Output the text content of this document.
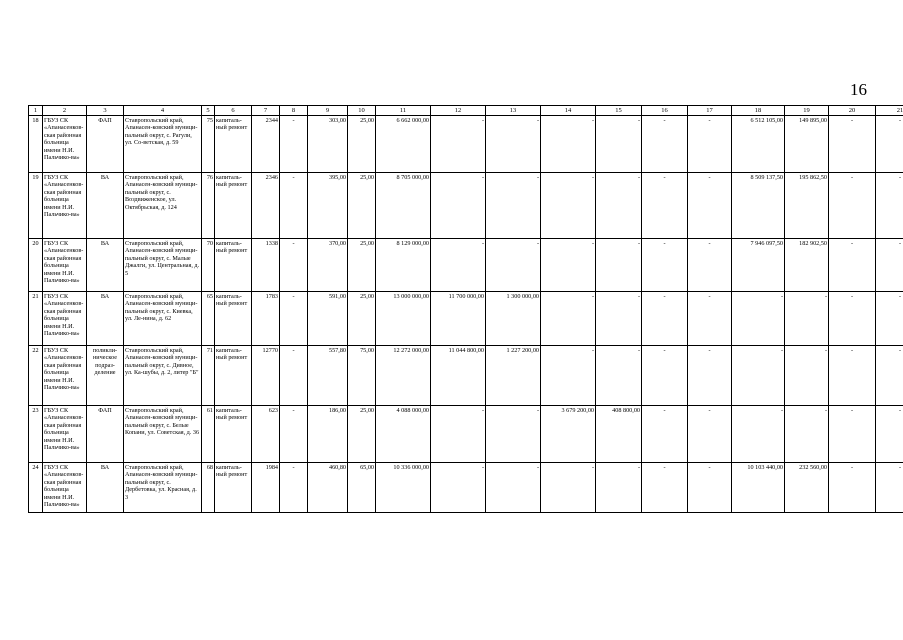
16
1	2	3	4	5	6	7	8	9	10	11	12	13	14	15	16	17	18	19	20	21

18	ГБУЗ СК «Апанасенков-ская районная больница имени Н.И. Пальчико-ва»	ФАП	Ставропольский край, Апанасен-ковский муници-пальный округ, с. Рагули, ул. Со-ветская, д. 59	75	капиталь-ный ремонт	2344	-	303,00	25,00	6 662 000,00	-	-	-	-	-	-	6 512 105,00	149 895,00	-	-

19	ГБУЗ СК «Апанасенков-ская районная больница имени Н.И. Пальчико-ва»	ВА	Ставропольский край, Апанасен-ковский муници-пальный округ, с. Воздвиженское, ул. Октябрьская, д. 124	76	капиталь-ный ремонт	2346	-	395,00	25,00	8 705 000,00	-	-	-	-	-	-	8 509 137,50	195 862,50	-	-

20	ГБУЗ СК «Апанасенков-ская районная больница имени Н.И. Пальчико-ва»	ВА	Ставропольский край, Апанасен-ковский муници-пальный округ, с. Малые Джалги, ул. Центральная, д. 5	70	капиталь-ный ремонт	1338	-	370,00	25,00	8 129 000,00	-	-	-	-	-	-	7 946 097,50	182 902,50	-	-

21	ГБУЗ СК «Апанасенков-ская районная больница имени Н.И. Пальчико-ва»	ВА	Ставропольский край, Апанасен-ковский муници-пальный округ, с. Киевка, ул. Ле-нина, д. 62	65	капиталь-ный ремонт	1783	-	591,00	25,00	13 000 000,00	11 700 000,00	1 300 000,00	-	-	-	-	-	-	-	-

22	ГБУЗ СК «Апанасенков-ская районная больница имени Н.И. Пальчико-ва»	поликли-ническое подраз-деление	Ставропольский край, Апанасен-ковский муници-пальный округ, с. Дивное, ул. Ка-шубы, д. 2, литер "Б"	71	капиталь-ный ремонт	12770	-	557,80	75,00	12 272 000,00	11 044 800,00	1 227 200,00	-	-	-	-	-	-	-	-

23	ГБУЗ СК «Апанасенков-ская районная больница имени Н.И. Пальчико-ва»	ФАП	Ставропольский край, Апанасен-ковский муници-пальный округ, с. Белые Копани, ул. Советская, д. 36	61	капиталь-ный ремонт	623	-	186,00	25,00	4 088 000,00	-	-	3 679 200,00	408 800,00	-	-	-	-	-	-

24	ГБУЗ СК «Апанасенков-ская районная больница имени Н.И. Пальчико-ва»	ВА	Ставропольский край, Апанасен-ковский муници-пальный округ, с. Дербетовка, ул. Красная, д. 3	68	капиталь-ный ремонт	1984	-	460,80	65,00	10 336 000,00	-	-	-	-	-	-	10 103 440,00	232 560,00	-	-
